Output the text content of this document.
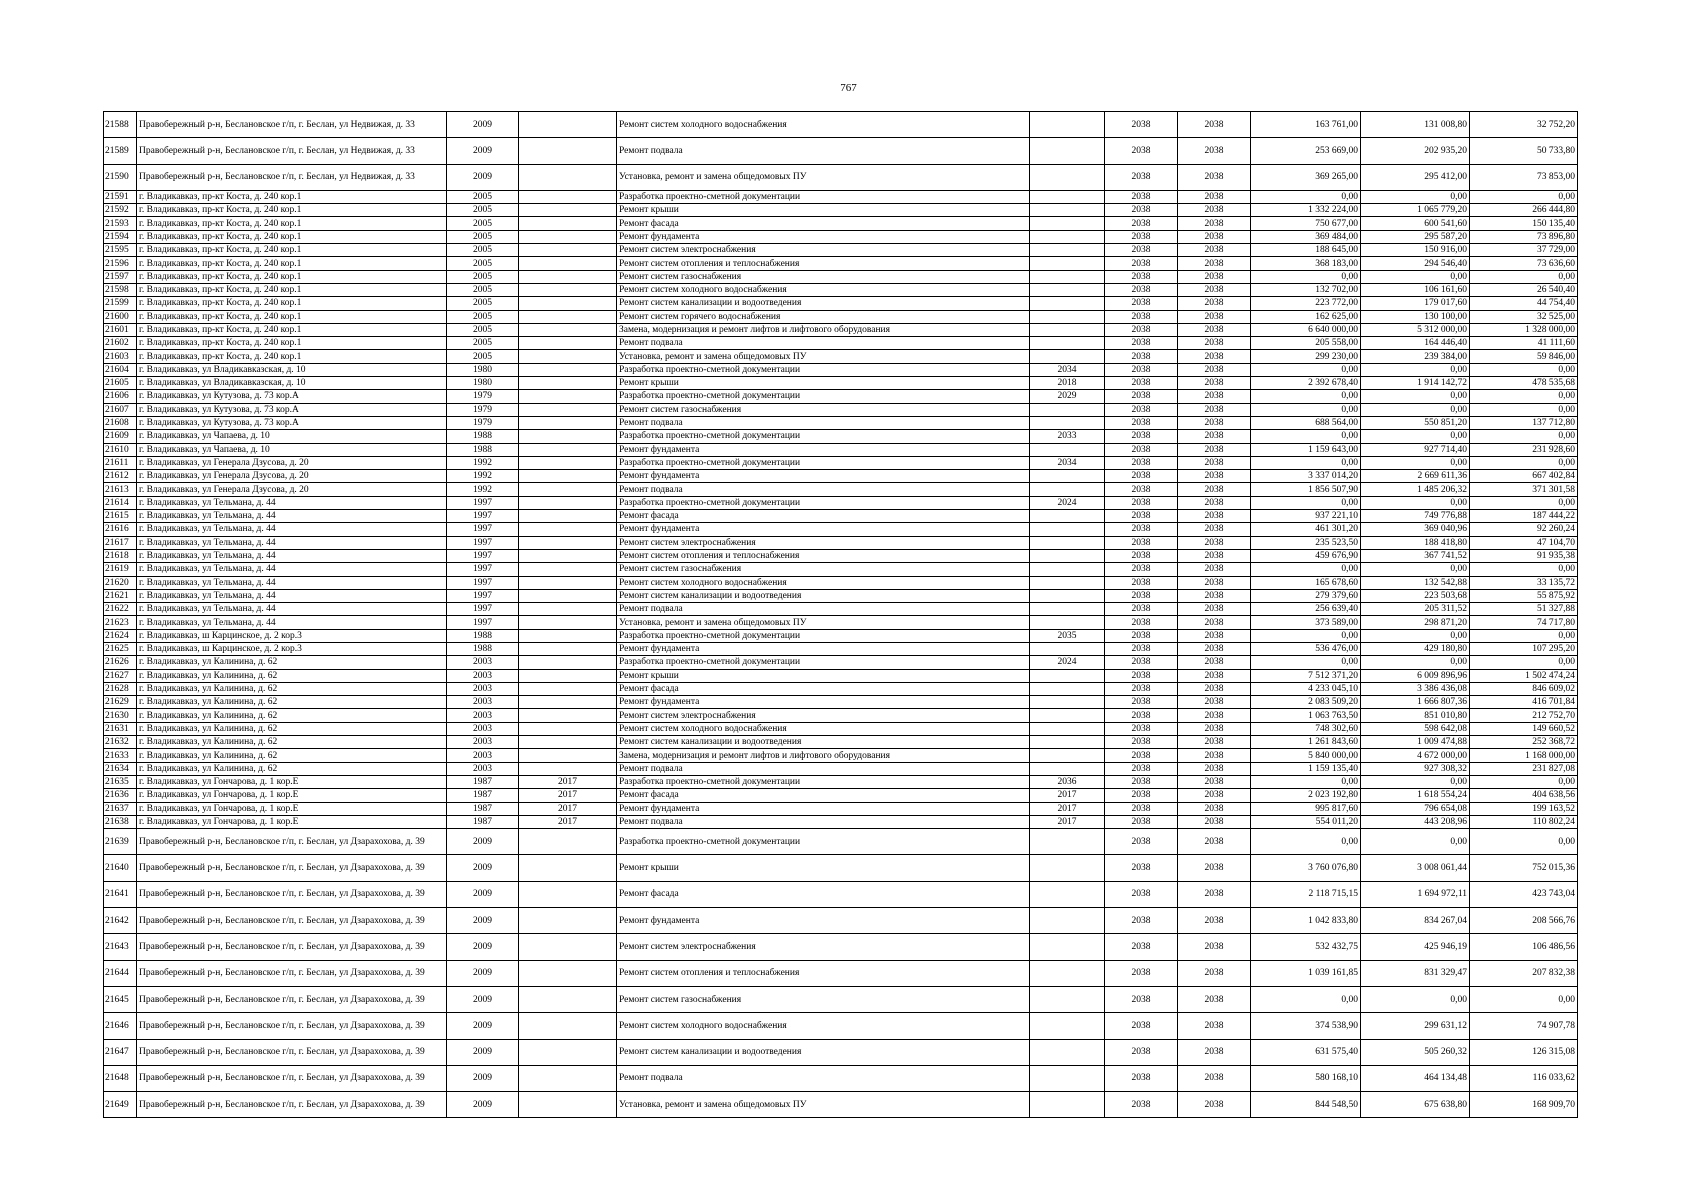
767
21588	Правобережный р-н, Беслановское г/п, г. Беслан, ул Недвижая, д. 33	2009		Ремонт систем холодного водоснабжения		2038	2038	163 761,00	131 008,80	32 752,20
21589	Правобережный р-н, Беслановское г/п, г. Беслан, ул Недвижая, д. 33	2009		Ремонт подвала		2038	2038	253 669,00	202 935,20	50 733,80
21590	Правобережный р-н, Беслановское г/п, г. Беслан, ул Недвижая, д. 33	2009		Установка, ремонт и замена общедомовых ПУ		2038	2038	369 265,00	295 412,00	73 853,00
21591	г. Владикавказ, пр-кт Коста, д. 240 кор.1	2005		Разработка проектно-сметной документации		2038	2038	0,00	0,00	0,00
21592	г. Владикавказ, пр-кт Коста, д. 240 кор.1	2005		Ремонт крыши		2038	2038	1 332 224,00	1 065 779,20	266 444,80
21593	г. Владикавказ, пр-кт Коста, д. 240 кор.1	2005		Ремонт фасада		2038	2038	750 677,00	600 541,60	150 135,40
21594	г. Владикавказ, пр-кт Коста, д. 240 кор.1	2005		Ремонт фундамента		2038	2038	369 484,00	295 587,20	73 896,80
21595	г. Владикавказ, пр-кт Коста, д. 240 кор.1	2005		Ремонт систем электроснабжения		2038	2038	188 645,00	150 916,00	37 729,00
21596	г. Владикавказ, пр-кт Коста, д. 240 кор.1	2005		Ремонт систем отопления и теплоснабжения		2038	2038	368 183,00	294 546,40	73 636,60
21597	г. Владикавказ, пр-кт Коста, д. 240 кор.1	2005		Ремонт систем газоснабжения		2038	2038	0,00	0,00	0,00
21598	г. Владикавказ, пр-кт Коста, д. 240 кор.1	2005		Ремонт систем холодного водоснабжения		2038	2038	132 702,00	106 161,60	26 540,40
21599	г. Владикавказ, пр-кт Коста, д. 240 кор.1	2005		Ремонт систем канализации и водоотведения		2038	2038	223 772,00	179 017,60	44 754,40
21600	г. Владикавказ, пр-кт Коста, д. 240 кор.1	2005		Ремонт систем горячего водоснабжения		2038	2038	162 625,00	130 100,00	32 525,00
21601	г. Владикавказ, пр-кт Коста, д. 240 кор.1	2005		Замена, модернизация и ремонт лифтов и лифтового оборудования		2038	2038	6 640 000,00	5 312 000,00	1 328 000,00
21602	г. Владикавказ, пр-кт Коста, д. 240 кор.1	2005		Ремонт подвала		2038	2038	205 558,00	164 446,40	41 111,60
21603	г. Владикавказ, пр-кт Коста, д. 240 кор.1	2005		Установка, ремонт и замена общедомовых ПУ		2038	2038	299 230,00	239 384,00	59 846,00
21604	г. Владикавказ, ул Владикавказская, д. 10	1980		Разработка проектно-сметной документации	2034	2038	2038	0,00	0,00	0,00
21605	г. Владикавказ, ул Владикавказская, д. 10	1980		Ремонт крыши	2018	2038	2038	2 392 678,40	1 914 142,72	478 535,68
21606	г. Владикавказ, ул Кутузова, д. 73 кор.А	1979		Разработка проектно-сметной документации	2029	2038	2038	0,00	0,00	0,00
21607	г. Владикавказ, ул Кутузова, д. 73 кор.А	1979		Ремонт систем газоснабжения		2038	2038	0,00	0,00	0,00
21608	г. Владикавказ, ул Кутузова, д. 73 кор.А	1979		Ремонт подвала		2038	2038	688 564,00	550 851,20	137 712,80
21609	г. Владикавказ, ул Чапаева, д. 10	1988		Разработка проектно-сметной документации	2033	2038	2038	0,00	0,00	0,00
21610	г. Владикавказ, ул Чапаева, д. 10	1988		Ремонт фундамента		2038	2038	1 159 643,00	927 714,40	231 928,60
21611	г. Владикавказ, ул Генерала Дзусова, д. 20	1992		Разработка проектно-сметной документации	2034	2038	2038	0,00	0,00	0,00
21612	г. Владикавказ, ул Генерала Дзусова, д. 20	1992		Ремонт фундамента		2038	2038	3 337 014,20	2 669 611,36	667 402,84
21613	г. Владикавказ, ул Генерала Дзусова, д. 20	1992		Ремонт подвала		2038	2038	1 856 507,90	1 485 206,32	371 301,58
21614	г. Владикавказ, ул Тельмана, д. 44	1997		Разработка проектно-сметной документации	2024	2038	2038	0,00	0,00	0,00
21615	г. Владикавказ, ул Тельмана, д. 44	1997		Ремонт фасада		2038	2038	937 221,10	749 776,88	187 444,22
21616	г. Владикавказ, ул Тельмана, д. 44	1997		Ремонт фундамента		2038	2038	461 301,20	369 040,96	92 260,24
21617	г. Владикавказ, ул Тельмана, д. 44	1997		Ремонт систем электроснабжения		2038	2038	235 523,50	188 418,80	47 104,70
21618	г. Владикавказ, ул Тельмана, д. 44	1997		Ремонт систем отопления и теплоснабжения		2038	2038	459 676,90	367 741,52	91 935,38
21619	г. Владикавказ, ул Тельмана, д. 44	1997		Ремонт систем газоснабжения		2038	2038	0,00	0,00	0,00
21620	г. Владикавказ, ул Тельмана, д. 44	1997		Ремонт систем холодного водоснабжения		2038	2038	165 678,60	132 542,88	33 135,72
21621	г. Владикавказ, ул Тельмана, д. 44	1997		Ремонт систем канализации и водоотведения		2038	2038	279 379,60	223 503,68	55 875,92
21622	г. Владикавказ, ул Тельмана, д. 44	1997		Ремонт подвала		2038	2038	256 639,40	205 311,52	51 327,88
21623	г. Владикавказ, ул Тельмана, д. 44	1997		Установка, ремонт и замена общедомовых ПУ		2038	2038	373 589,00	298 871,20	74 717,80
21624	г. Владикавказ, ш Карцинское, д. 2 кор.3	1988		Разработка проектно-сметной документации	2035	2038	2038	0,00	0,00	0,00
21625	г. Владикавказ, ш Карцинское, д. 2 кор.3	1988		Ремонт фундамента		2038	2038	536 476,00	429 180,80	107 295,20
21626	г. Владикавказ, ул Калинина, д. 62	2003		Разработка проектно-сметной документации	2024	2038	2038	0,00	0,00	0,00
21627	г. Владикавказ, ул Калинина, д. 62	2003		Ремонт крыши		2038	2038	7 512 371,20	6 009 896,96	1 502 474,24
21628	г. Владикавказ, ул Калинина, д. 62	2003		Ремонт фасада		2038	2038	4 233 045,10	3 386 436,08	846 609,02
21629	г. Владикавказ, ул Калинина, д. 62	2003		Ремонт фундамента		2038	2038	2 083 509,20	1 666 807,36	416 701,84
21630	г. Владикавказ, ул Калинина, д. 62	2003		Ремонт систем электроснабжения		2038	2038	1 063 763,50	851 010,80	212 752,70
21631	г. Владикавказ, ул Калинина, д. 62	2003		Ремонт систем холодного водоснабжения		2038	2038	748 302,60	598 642,08	149 660,52
21632	г. Владикавказ, ул Калинина, д. 62	2003		Ремонт систем канализации и водоотведения		2038	2038	1 261 843,60	1 009 474,88	252 368,72
21633	г. Владикавказ, ул Калинина, д. 62	2003		Замена, модернизация и ремонт лифтов и лифтового оборудования		2038	2038	5 840 000,00	4 672 000,00	1 168 000,00
21634	г. Владикавказ, ул Калинина, д. 62	2003		Ремонт подвала		2038	2038	1 159 135,40	927 308,32	231 827,08
21635	г. Владикавказ, ул Гончарова, д. 1 кор.Е	1987	2017	Разработка проектно-сметной документации	2036	2038	2038	0,00	0,00	0,00
21636	г. Владикавказ, ул Гончарова, д. 1 кор.Е	1987	2017	Ремонт фасада	2017	2038	2038	2 023 192,80	1 618 554,24	404 638,56
21637	г. Владикавказ, ул Гончарова, д. 1 кор.Е	1987	2017	Ремонт фундамента	2017	2038	2038	995 817,60	796 654,08	199 163,52
21638	г. Владикавказ, ул Гончарова, д. 1 кор.Е	1987	2017	Ремонт подвала	2017	2038	2038	554 011,20	443 208,96	110 802,24
21639	Правобережный р-н, Беслановское г/п, г. Беслан, ул Дзарахохова, д. 39	2009		Разработка проектно-сметной документации		2038	2038	0,00	0,00	0,00
21640	Правобережный р-н, Беслановское г/п, г. Беслан, ул Дзарахохова, д. 39	2009		Ремонт крыши		2038	2038	3 760 076,80	3 008 061,44	752 015,36
21641	Правобережный р-н, Беслановское г/п, г. Беслан, ул Дзарахохова, д. 39	2009		Ремонт фасада		2038	2038	2 118 715,15	1 694 972,11	423 743,04
21642	Правобережный р-н, Беслановское г/п, г. Беслан, ул Дзарахохова, д. 39	2009		Ремонт фундамента		2038	2038	1 042 833,80	834 267,04	208 566,76
21643	Правобережный р-н, Беслановское г/п, г. Беслан, ул Дзарахохова, д. 39	2009		Ремонт систем электроснабжения		2038	2038	532 432,75	425 946,19	106 486,56
21644	Правобережный р-н, Беслановское г/п, г. Беслан, ул Дзарахохова, д. 39	2009		Ремонт систем отопления и теплоснабжения		2038	2038	1 039 161,85	831 329,47	207 832,38
21645	Правобережный р-н, Беслановское г/п, г. Беслан, ул Дзарахохова, д. 39	2009		Ремонт систем газоснабжения		2038	2038	0,00	0,00	0,00
21646	Правобережный р-н, Беслановское г/п, г. Беслан, ул Дзарахохова, д. 39	2009		Ремонт систем холодного водоснабжения		2038	2038	374 538,90	299 631,12	74 907,78
21647	Правобережный р-н, Беслановское г/п, г. Беслан, ул Дзарахохова, д. 39	2009		Ремонт систем канализации и водоотведения		2038	2038	631 575,40	505 260,32	126 315,08
21648	Правобережный р-н, Беслановское г/п, г. Беслан, ул Дзарахохова, д. 39	2009		Ремонт подвала		2038	2038	580 168,10	464 134,48	116 033,62
21649	Правобережный р-н, Беслановское г/п, г. Беслан, ул Дзарахохова, д. 39	2009		Установка, ремонт и замена общедомовых ПУ		2038	2038	844 548,50	675 638,80	168 909,70
